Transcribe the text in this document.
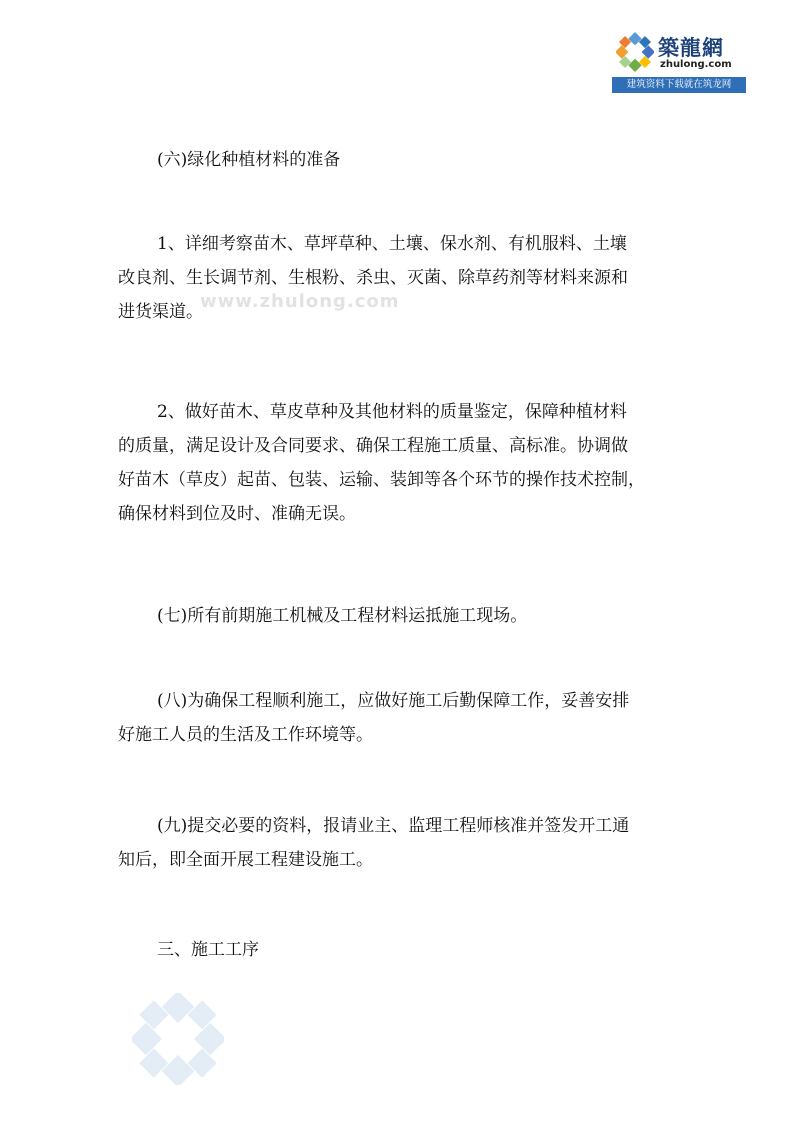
築龍網
zhulong.com
建筑资料下载就在筑龙网
www.zhulong.com
(六)绿化种植材料的准备
1、详细考察苗木、草坪草种、土壤、保水剂、有机服料、土壤
改良剂、生长调节剂、生根粉、杀虫、灭菌、除草药剂等材料来源和
进货渠道。
2、做好苗木、草皮草种及其他材料的质量鉴定，保障种植材料
的质量，满足设计及合同要求、确保工程施工质量、高标准。协调做
好苗木（草皮）起苗、包装、运输、装卸等各个环节的操作技术控制，
确保材料到位及时、准确无误。
(七)所有前期施工机械及工程材料运抵施工现场。
(八)为确保工程顺利施工，应做好施工后勤保障工作，妥善安排
好施工人员的生活及工作环境等。
(九)提交必要的资料，报请业主、监理工程师核准并签发开工通
知后，即全面开展工程建设施工。
三、施工工序
